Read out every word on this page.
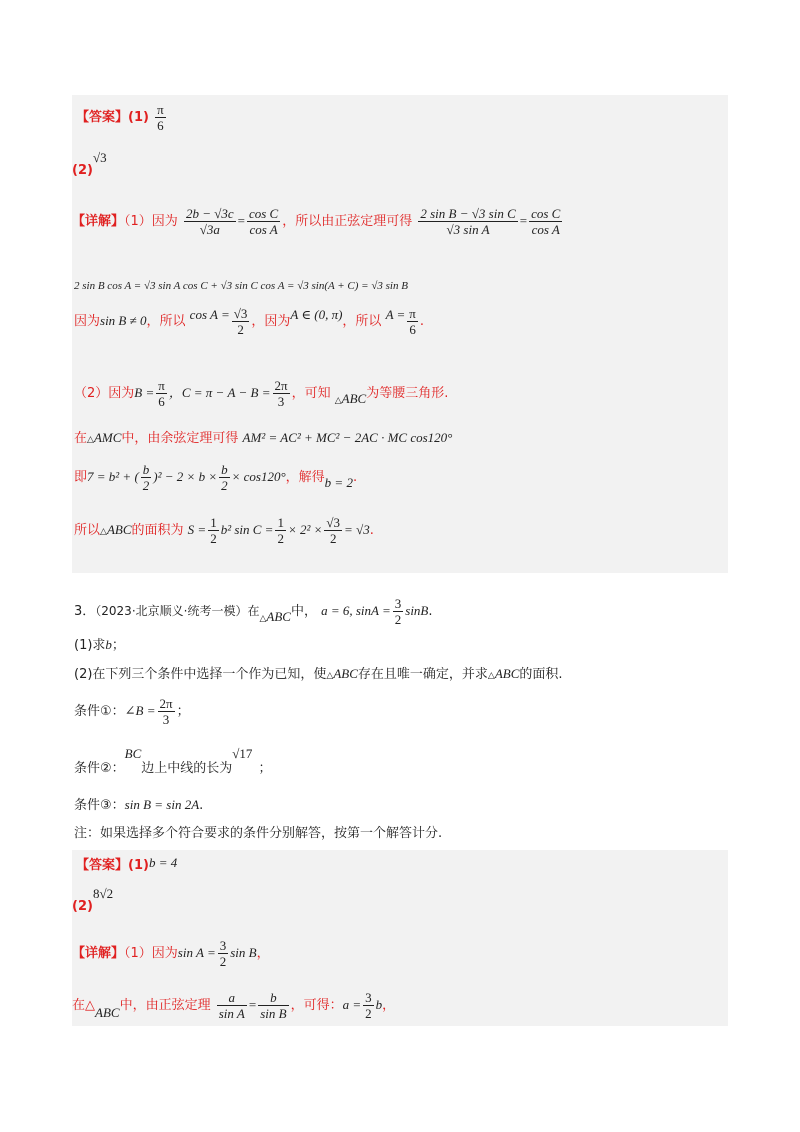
【答案】$(1) \frac{\pi}{6}$
(2)√3
【详解】（1）因为 $\frac{2b - √3c}{√3a} = \frac{\text{cos C}}{\text{cos A}}$ ，所以由正弦定理可得 $\frac{\text{2 sin B − √3 sin C}}{\text{√3 sin A}} = \frac{\text{cos C}}{\text{cos A}}$
2 sin B cos A = √3 sin A cos C + √3 sin C cos A = √3 sin(A + C) = √3 sin B
因为sin B ≠ 0，所以 $\cos A = \frac{√3}{2}$ ，因为A ∈ (0, π)，所以 $A = \frac{\pi}{6}$ .
（2）因为$B = \frac{\pi}{6}$ ，$C = \pi - A - B = \frac{2\pi}{3}$ ，可知 △ABC为等腰三角形.
在△AMC中，由余弦定理可得 AM² = AC² + MC² − 2AC · MC cos120°
即7 = b² + ( $\frac{b}{2} )^2 - 2 \times b \times \frac{b}{2} \times \cos 120^\circ$，解得b = 2.
所以△ABC的面积为 $S = \frac{1}{2} b^2$ $\sin C = \frac{1}{2} \times 2^2 \times \frac{√3}{2} = √3$.
3．（2023·北京顺义·统考一模）在△ABC中， a = 6, $\sin A = \frac{3}{2} \sin B$.
(1)求b；
(2)在下列三个条件中选择一个作为已知，使△ABC存在且唯一确定，并求△ABC的面积.
条件①：∠B = $\frac{2\pi}{3}$ ；
条件②：BC边上中线的长为√17；
条件③：sin B = sin 2A.
注：如果选择多个符合要求的条件分别解答，按第一个解答计分.
【答案】(1)b = 4
(2)8√2
【详解】（1）因为$\sin A = \frac{3}{2}$ sin B，
在△ABC中，由正弦定理 $\frac{a}{\text{sin A}} = \frac{b}{\text{sin B}}$ ，可得：$a = \frac{3}{2}$ b，
